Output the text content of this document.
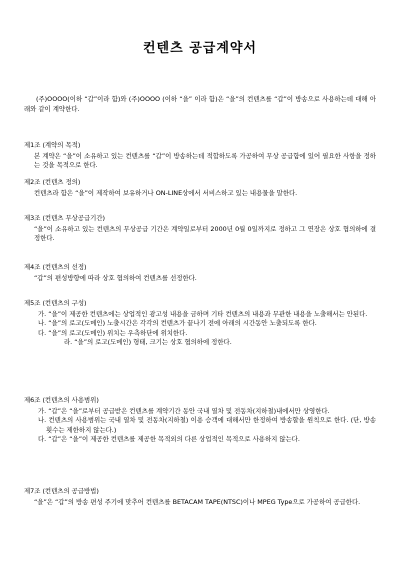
컨텐츠 공급계약서

(주)OOOO(이하 “갑”이라 함)와 (주)OOOO (이하 “을” 이라 함)은 “을”의 컨텐츠를 “갑”이 방송으로 사용하는데 대해 아래와 같이 계약한다.

제1조 (계약의 목적)

본 계약은 “을”이 소유하고 있는 컨텐츠를 “갑”이 방송하는데 적합하도록 가공하여 무상 공급함에 있어 필요한 사항을 정하는 것을 목적으로 한다.

제2조 (컨텐츠 정의)

컨텐츠라 함은 “을”이 제작하여 보유하거나 ON-LINE상에서 서비스하고 있는 내용물을 말한다.

제3조 (컨텐츠 무상공급기간)

“을”이 소유하고 있는 컨텐츠의 무상공급 기간은 계약일로부터 2000년 0월 0일까지로 정하고 그 연장은 상호 협의하에 결정한다.

제4조 (컨텐츠의 선정)

“갑”의 편성방향에 따라 상호 협의하여 컨텐츠를 선정한다.

제5조 (컨텐츠의 구성)

가. “을”이 제공한 컨텐츠에는 상업적인 광고성 내용을 금하며 기타 컨텐츠의 내용과 무관한 내용을 노출해서는 안된다.

나. “을”의 로고(도메인) 노출시간은 각각의 컨텐츠가 끝나기 전에 아래의 시간동안 노출되도록 한다.

다. “을”의 로고(도메인) 위치는 우측하단에 위치한다.

라. “을”의 로고(도메인) 형태, 크기는 상호 협의하에 정한다.

제6조 (컨텐츠의 사용범위)

가. “갑”은 “을”로부터 공급받은 컨텐츠를 계약기간 동안 국내 열차 및 전동차(지하철)내에서만 상영한다.

나. 컨텐츠의 사용범위는 국내 열차 및 전동차(지하철) 이용 승객에 대해서만 한정하여 방송할을 원칙으로 한다. (단, 방송횟수는 제한하지 않는다.)

다. “갑”은 “을”이 제공한 컨텐츠를 제공한 목적외의 다른 상업적인 목적으로 사용하지 않는다.

제7조 (컨텐츠의 공급방법)

“을”은 “갑”의 방송 편성 주기에 맞추어 컨텐츠를 BETACAM TAPE(NTSC)이나 MPEG Type으로 가공하여 공급한다.
